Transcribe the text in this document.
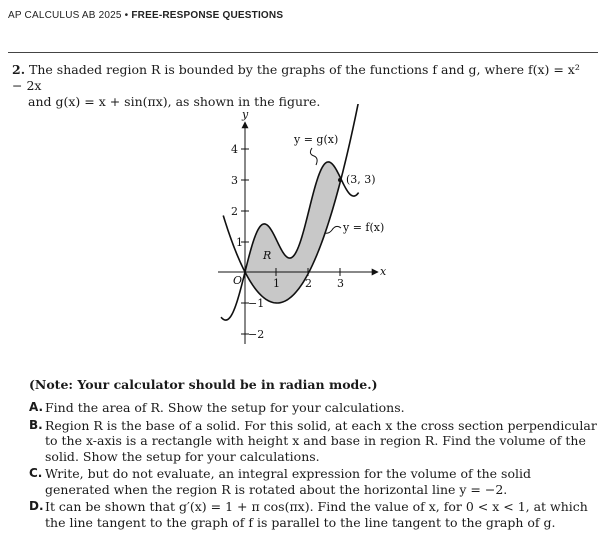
AP CALCULUS AB 2025 • FREE-RESPONSE QUESTIONS
2. The shaded region R is bounded by the graphs of the functions f and g, where f(x) = x² − 2x
and g(x) = x + sin(πx), as shown in the figure.
y
x
O
R
y = g(x)
y = f(x)
(3, 3)
1 2 3
4
3
2
1
−1
−2
(Note: Your calculator should be in radian mode.)
A. Find the area of R. Show the setup for your calculations.
B. Region R is the base of a solid. For this solid, at each x the cross section perpendicular to the x-axis is a rectangle with height x and base in region R. Find the volume of the solid. Show the setup for your calculations.
C. Write, but do not evaluate, an integral expression for the volume of the solid generated when the region R is rotated about the horizontal line y = −2.
D. It can be shown that g′(x) = 1 + π cos(πx). Find the value of x, for 0 < x < 1, at which the line tangent to the graph of f is parallel to the line tangent to the graph of g.
